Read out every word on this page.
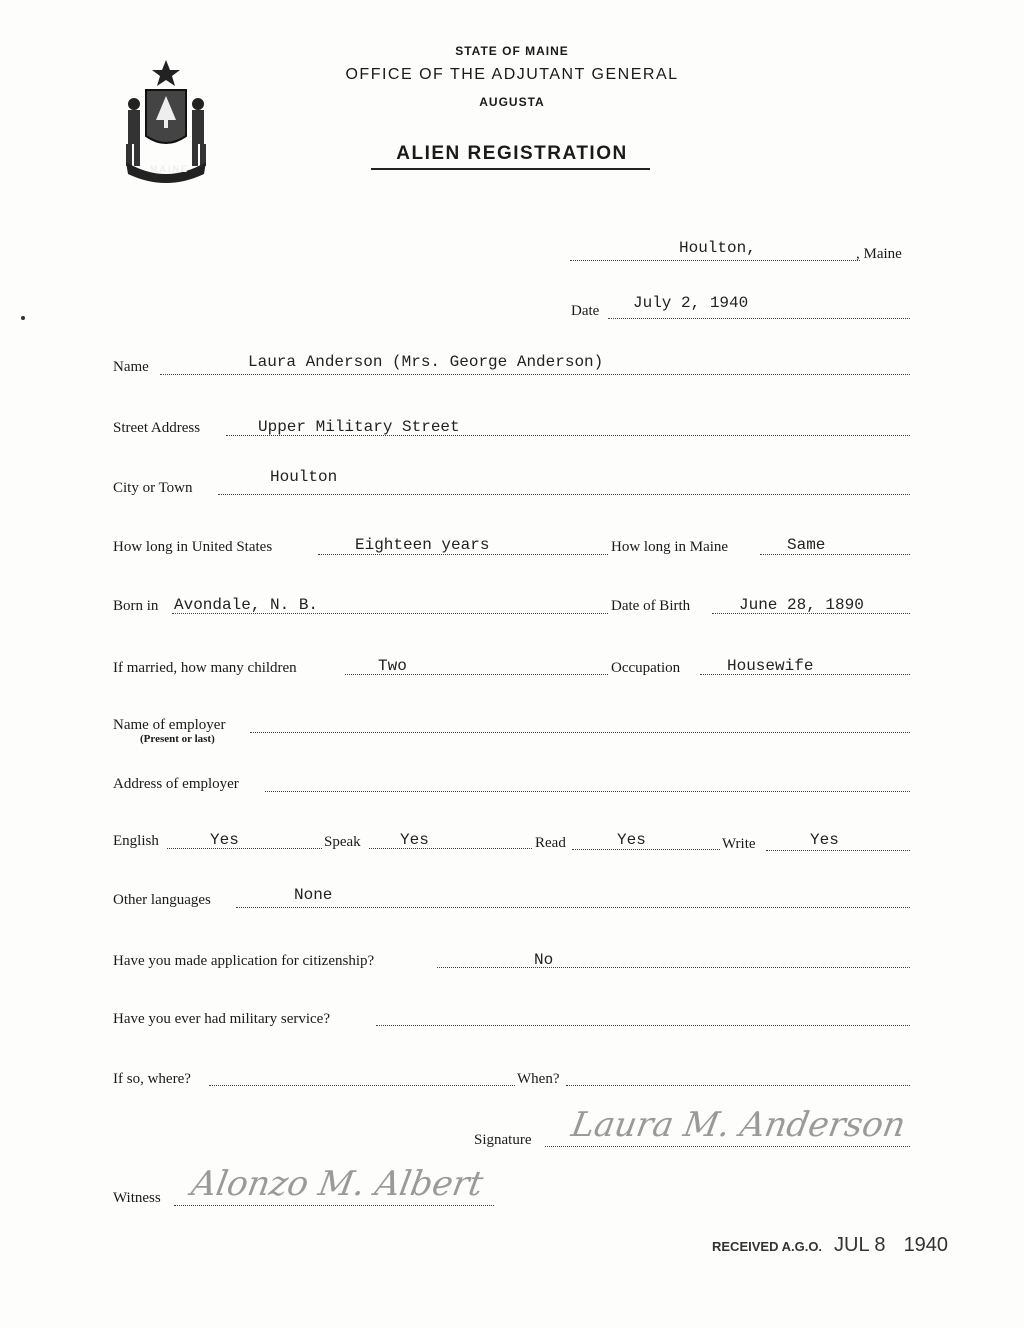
MAINE
STATE OF MAINE
OFFICE OF THE ADJUTANT GENERAL
AUGUSTA
ALIEN REGISTRATION
Houlton,	, Maine
Date July 2, 1940
Name	Laura Anderson (Mrs. George Anderson)
Street Address	Upper Military Street
City or Town
Houlton
How long in United States	Eighteen years	How long in Maine	Same
Born in Avondale, N. B.	Date of Birth	June 28, 1890
If married, how many children	Two	Occupation	Housewife
Name of employer
(Present or last)
Address of employer
English	Yes	Speak Yes	Read	Yes	Write	Yes
Other languages	None
Have you made application for citizenship?	No
Have you ever had military service?
If so, where?	When?
Signature Laura M. Anderson
Witness Alonzo M. Albert
RECEIVED A.G.O. JUL 8 1940
